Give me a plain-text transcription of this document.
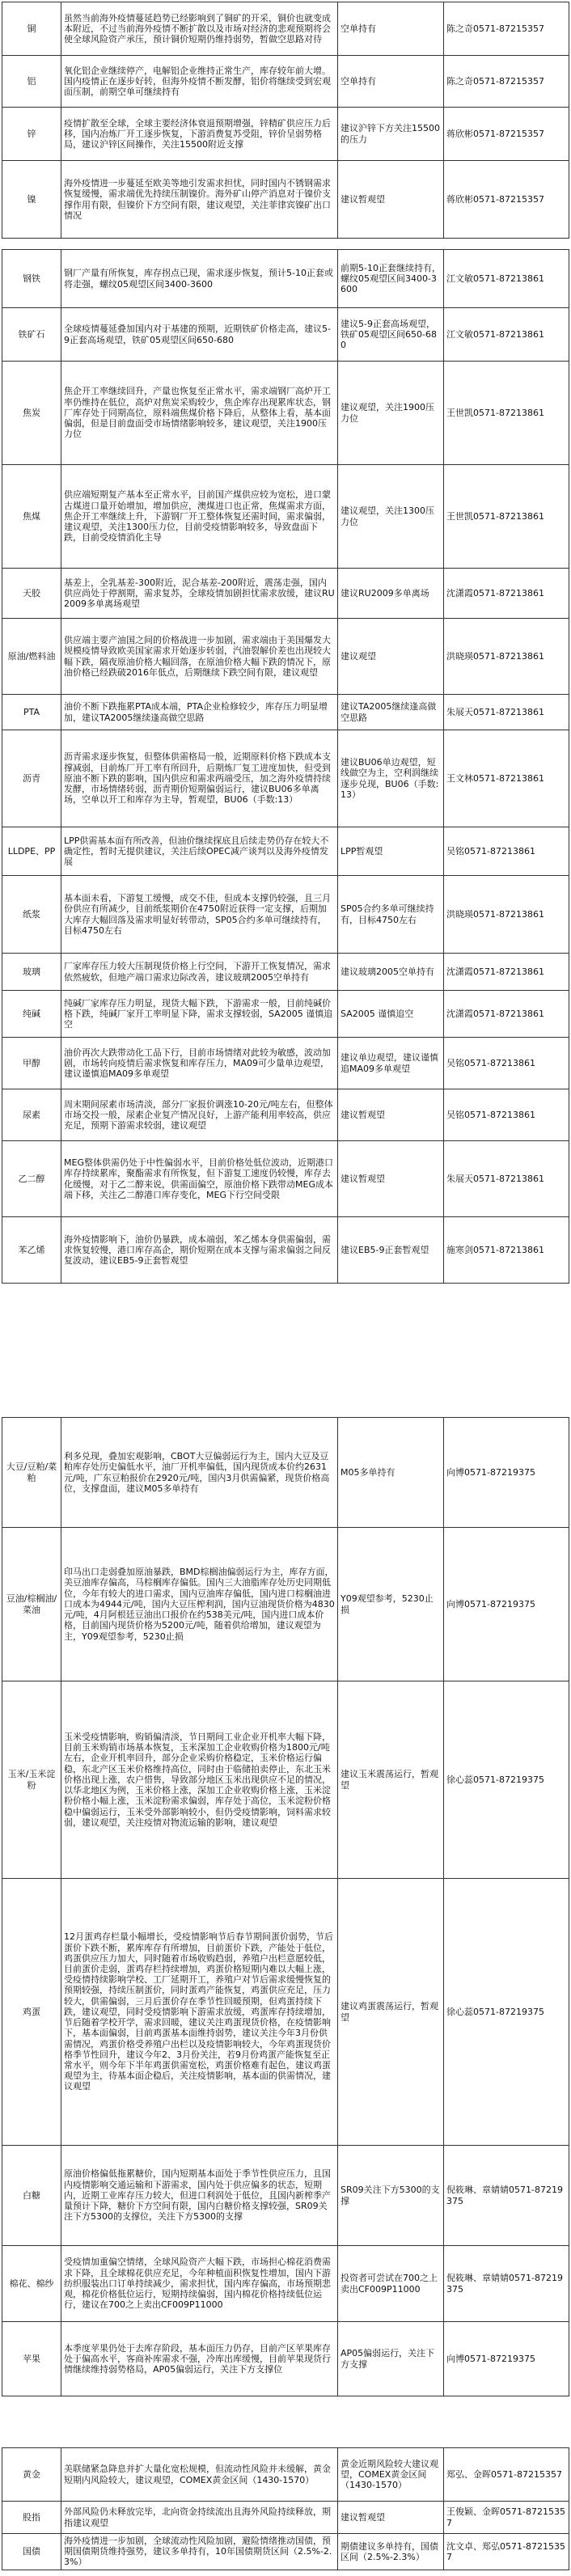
铜	虽然当前海外疫情蔓延趋势已经影响到了铜矿的开采，铜价也就变成本附近，不过当前海外疫情不断扩散以及市场对经济的悲观预期将会使全球风险资产承压，预计铜价短期仍维持弱势，暂做空思路对待	空单持有	陈之奇0571-87215357
铝	氧化铝企业继续停产，电解铝企业维持正常生产，库存较年前大增。国内疫情正在逐步好转，但海外疫情不断发酵，铝价将继续受到宏观面压制，前期空单可继续持有	空单持有	陈之奇0571-87215357
锌	疫情扩散至全球，全球主要经济体衰退预期增强，锌精矿供应压力后移，国内冶炼厂开工逐步恢复，下游消费复苏受阻，锌价呈弱势格局，建议沪锌区间操作，关注15500附近支撑	建议沪锌下方关注15500的压力	蒋欣彬0571-87215357
镍	海外疫情进一步蔓延至欧美等地引发需求担忧，同时国内不锈钢需求恢复缓慢，需求端优先持续压制镍价。海外矿山停产消息对于镍价支撑作用有限，但镍价下方空间有限，建议观望，关注菲律宾镍矿出口情况	建议暂观望	蒋欣彬0571-87215357
钢铁	钢厂产量有所恢复，库存拐点已现，需求逐步恢复，预计5-10正套或将走强，螺纹05观望区间3400-3600	前期5-10正套继续持有，螺纹05观望区间3400-3600	江文敏0571-87213861
铁矿石	全球疫情蔓延叠加国内对于基建的预期，近期铁矿价格走高，建议5-9正套高场观望，铁矿05观望区间650-680	建议5-9正套高场观望，铁矿05观望区间650-680	江文敏0571-87213861
焦炭	焦企开工率继续回升，产量也恢复至正常水平，需求端钢厂高炉开工率仍维持在低位，高炉对焦炭采购较少，焦企库存出现累库状态，钢厂库存处于同期高位，原料端焦煤价格下降后，从整体上看，基本面偏弱，但是目前盘面受市场情绪影响较多，建议观望，关注1900压力位	建议观望，关注1900压力位	王世凯0571-87213861
焦煤	供应端短期复产基本至正常水平，目前国产煤供应较为宽松，进口蒙古煤进口量开始增加，增加供应，澳煤进口也正常，焦煤需求方面，焦企开工率继续上升，下游钢厂开工整体恢复还需时间，需求偏弱，建议观望，关注1300压力位，目前受疫情影响较多，导致盘面下跌，目前受疫情消化主导	建议观望，关注1300压力位	王世凯0571-87213861
天胶	基差上，全乳基差-300附近，泥合基差-200附近，震荡走强，国内供应尚处于停割期，需求复苏，全球疫情加剧担忧需求放缓，建议RU2009多单离场观望	建议RU2009多单离场	沈潇霞0571-87213861
原油/燃料油	供应端主要产油国之间的价格战进一步加剧，需求端由于美国爆发大规模疫情导致欧美国家需求开始逐步转弱，汽油裂解价差也出现较大幅下跌，隔夜原油价格大幅回落，在原油价格大幅下跌的情况下，原油价格已经跌破2016年低点，后期继续下跌空间有限，建议观望	建议观望	洪晓瑛0571-87213861
PTA	油价不断下跌拖累PTA成本端，PTA企业检修较少，库存压力明显增加，建议TA2005继续逢高做空思路	建议TA2005继续逢高做空思路	朱展天0571-87213861
沥青	沥青需求逐步恢复，但整体供需格局一般，近期原料价格下跌成本支撑减弱，目前炼厂开工率有所回升，后期炼厂复工进度加快，但受到原油不断下跌的影响，国内供应和需求两端受压，加之海外疫情持续发酵，市场情绪转弱，沥青期价短期偏弱运行，建议BU06多单离场，空单以开工和库存为主导，暂观望，BU06（手数:13）	建议BU06单边观望，短线做空为主，空利润继续逐步兑现，BU06（手数:13）	王文林0571-87213861
LLDPE、PP	LPP供需基本面有所改善，但油价继续探底且后续走势仍存在较大不确定性，暂时无提供建议，关注后续OPEC减产谈判以及海外疫情发展	LPP暂观望	吴铭0571-87213861
纸浆	基本面未看，下游复工缓慢，成交不佳，但成本支撑仍较强，且三月份供应有所减少，目前纸浆期价在4750附近获得一定支撑，后期加大库存大幅回落及需求明显好转带动，SP05合约多单可继续持有，目标4750左右	SP05合约多单可继续持有，目标4750左右	洪晓瑛0571-87213861
玻璃	厂家库存压力较大压制现货价格上行空间，下游开工恢复情况，需求依然疲软，但地产端口需求边际改善，建议玻璃2005空单持有	建议玻璃2005空单持有	沈潇霞0571-87213861
纯碱	纯碱厂家库存压力明显，现货大幅下跌，下游需求一般，目前纯碱价格下跌，纯碱厂家开工率明显下降，需求支撑较弱，SA2005 谨慎追空	SA2005 谨慎追空	沈潇霞0571-87213861
甲醇	油价再次大跌带动化工品下行，目前市场情绪对此较为敏感，波动加剧，市场转向疫情后需求恢复和库存压力，MA09可少量单边观望，建议谨慎追MA09多单观望	建议单边观望，建议谨慎追MA09多单观望	吴铭0571-87213861
尿素	周末期间尿素市场清淡，部分厂家报价调涨10-20元/吨左右，但整体市场交投一般，尿素企业复产情况良好，上游产能利用率较高，供应充足，预期下游需求较弱，建议观望	建议暂观望	吴铭0571-87213861
乙二醇	MEG整体供需仍处于中性偏弱水平，目前价格处低位波动，近期港口库存持续累库，聚酯需求有所恢复，但下游复工速度仍较慢，库存去化缓慢，对于乙二醇来说，供需面偏空，原油价格下跌带动MEG成本端下移，关注乙二醇港口库存变化，MEG下行空间受限	建议暂观望	朱展天0571-87213861
苯乙烯	海外疫情影响下，油价仍暴跌，成本端弱，苯乙烯本身供需偏弱，需求恢复较慢，港口库存高企，期价短期在成本支撑与需求偏弱之间反复波动，建议EB5-9正套暂观望	建议EB5-9正套暂观望	施寒剑0571-87213861
大豆/豆粕/菜粕	利多兑现，叠加宏观影响，CBOT大豆偏弱运行为主，国内大豆及豆粕库存处历史偏低水平，油厂开机率偏低，国内现货成本价约2631元/吨，广东豆粕报价在2920元/吨，国内3月供需偏紧，现货价格高位，支撑盘面，建议M05多单持有	M05多单持有	向博0571-87219375
豆油/棕榈油/菜油	印马出口走弱叠加原油暴跌，BMD棕榈油偏弱运行为主，库存方面，美豆油库存偏高，马棕榈库存偏低。国内三大油脂库存处历史同期低位，今年有较大的进口需求，国内豆油库存偏低，国内进口棕榈油进口成本为4944元/吨，国内大豆压榨利润，国内豆油现货价格为4830元/吨，4月阿根廷豆油出口报价在约538美元/吨，国内进口成本价格，目前国内现货价格为5200元/吨，随着供给增加，建议观望为主，Y09观望参考，5230止损	Y09观望参考，5230止损	向博0571-87219375
玉米/玉米淀粉	玉米受疫情影响，购销偏清淡，节日期间工业企业开机率大幅下降，目前玉米购销市场基本恢复，玉米深加工企业收购价格为1800元/吨左右，企业开机率回升，部分企业采购价格稳定，玉米价格运行偏稳，东北产区玉米价格维持高位，同时由于临储拍卖停止，东北玉米价格出现上涨，农户惜售，导致部分地区玉米出现供应不足的情况，以华北地区为例，玉米价格上涨，深加工企业收购价格上涨，玉米淀粉价格小幅上涨，玉米淀粉需求偏弱，库存处于高位，玉米淀粉价格稳中偏弱运行，玉米受外部影响较小，但仍受疫情影响，饲料需求较弱，建议观望，关注疫情对物流运输的影响，建议观望	建议玉米震荡运行，暂观望	徐心蕊0571-87219375
鸡蛋	12月蛋鸡存栏量小幅增长，受疫情影响节后春节期间蛋价弱势，节后蛋价下跌不断，累库库存有所增加，目前蛋价下跌，产能处于低位，鸡蛋供应压力加大，同时随着市场收购趋弱，养殖户出栏意愿较低，目前蛋价走弱，蛋鸡存栏持续增加，鸡蛋价格短期内难以大幅上涨，受疫情持续影响学校、工厂延期开工，养殖户对节后需求缓慢恢复的预期较强，持续压制蛋价，同时蛋鸡产能恢复，鸡蛋供应充足，压力较大，供需偏弱，三月后蛋价存在季节性回暖预期，但鸡蛋持续下跌，建议观望，同时受疫情影响下游需求放缓，鸡蛋库存持续增加，节后随着学校开学，需求回暖，建议关注鸡蛋现货价格，在疫情影响下，基本面偏弱，目前鸡蛋基本面维持弱势，建议关注今年3月份供需情况，鸡蛋价格受养殖户出栏以及疫情影响较大，今年鸡蛋现货价格季节性回升，建议今年2、3月份关注，若9月份鸡蛋产能恢复至正常水平，则今年下半年鸡蛋供需宽松，鸡蛋价格难有起色，建议鸡蛋观望为主，待基本面企稳后，关注疫情影响，基本面的供需情况，建议观望	建议鸡蛋震荡运行，暂观望	徐心蕊0571-87219375
白糖	原油价格偏低拖累糖价，国内短期基本面处于季节性供应压力，且国内疫情影响交通运输和下游需求，国内处于供应偏多的状态，短期内，近期工业库存压力较大，但进口利润处于低位，且国内新榨季产量预计下降，糖价下方空间有限，国内白糖价格支撑较强，SR09关注下方5300的支撑位，关注下方5300的支撑	SR09关注下方5300的支撑	倪筱琳、章婧婧0571-87219375
棉花、棉纱	受疫情加重偏空情绪，全球风险资产大幅下跌，市场担心棉花消费需求下降，且全球棉花供应充足，今年种植面积恢复性增加，国内下游纺织服装出口订单持续减少，需求担忧，国内库存偏高，市场预期悲观，棉花价格低位运行，短期持续偏弱，国内棉花价格持续低位运行，建议在700之上卖出CF009P11000	投资者可尝试在700之上卖出CF009P11000	倪筱琳、章婧婧0571-87219375
苹果	本季度苹果仍处于去库存阶段，基本面压力仍存，目前产区苹果库存处于偏高水平，客商补库需求不强，冷库出库缓慢，目前苹果现货行情继续维持弱势格局，AP05偏弱运行，关注下方支撑位	AP05偏弱运行，关注下方支撑	向博0571-87219375
黄金	美联储紧急降息并扩大量化宽松规模，但流动性风险并未缓解，黄金短期内风险较大，建议观望，COMEX黄金区间（1430-1570）	黄金近期风险较大建议观望，COMEX黄金区间（1430-1570）	郑弘、金晖0571-87215357
股指	外部风险仍未释放完毕，北向资金持续流出且海外风险持续释放，期指建议观望	建议暂观望	王俊颖、金晖0571-87215357
国债	海外疫情进一步加剧，全球流动性风险加剧，避险情绪推动国债，预期国债期货维持强势，建议多单持有，10年国债期货区间（2.5%-2.3%）	期债建议多单持有，国债区间（2.5%-2.3%）	沈文卓、郑弘0571-87215357
